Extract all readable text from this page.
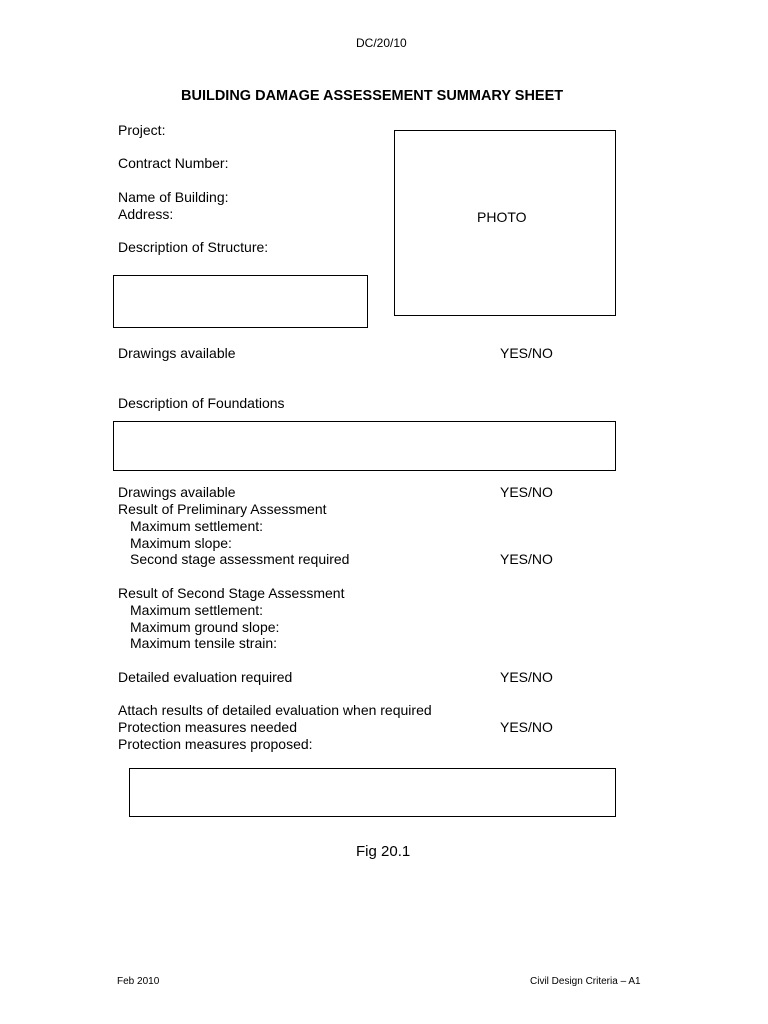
DC/20/10
BUILDING DAMAGE ASSESSEMENT SUMMARY SHEET
Project:
Contract Number:
Name of Building:
Address:
Description of Structure:
PHOTO
Drawings available	YES/NO
Description of Foundations
Drawings available	YES/NO
Result of Preliminary Assessment
Maximum settlement:
Maximum slope:
Second stage assessment required	YES/NO
Result of Second Stage Assessment
Maximum settlement:
Maximum ground slope:
Maximum tensile strain:
Detailed evaluation required	YES/NO
Attach results of detailed evaluation when required
Protection measures needed	YES/NO
Protection measures proposed:
Fig 20.1
Feb 2010	Civil Design Criteria – A1
